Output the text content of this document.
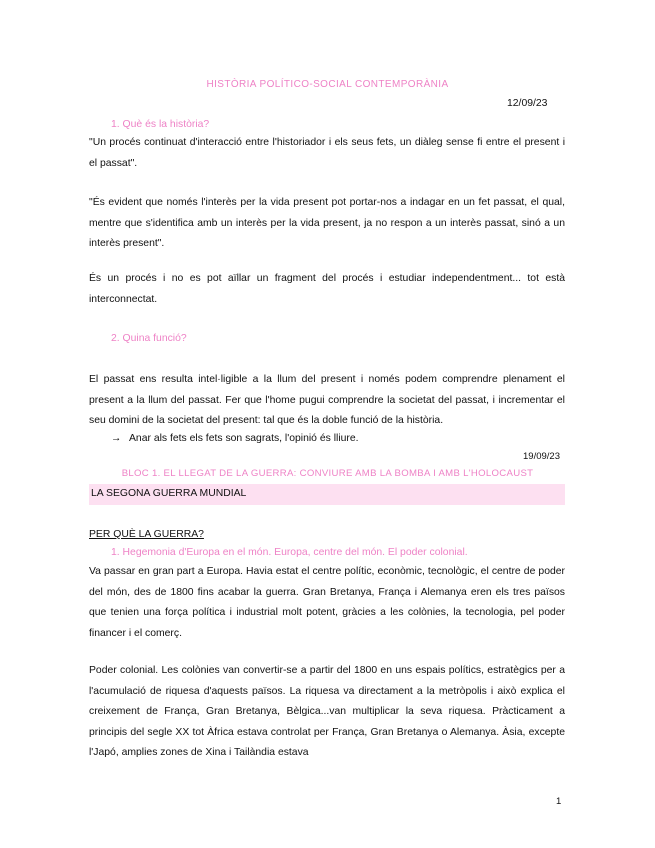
HISTÒRIA POLÍTICO-SOCIAL CONTEMPORÀNIA
12/09/23
1. Què és la història?
"Un procés continuat d'interacció entre l'historiador i els seus fets, un diàleg sense fi entre el present i el passat".
"És evident que només l'interès per la vida present pot portar-nos a indagar en un fet passat, el qual, mentre que s'identifica amb un interès per la vida present, ja no respon a un interès passat, sinó a un interès present".
És un procés i no es pot aïllar un fragment del procés i estudiar independentment... tot està interconnectat.
2. Quina funció?
El passat ens resulta intel·ligible a la llum del present i només podem comprendre plenament el present a la llum del passat. Fer que l'home pugui comprendre la societat del passat, i incrementar el seu domini de la societat del present: tal que és la doble funció de la història.
→ Anar als fets els fets son sagrats, l'opinió és lliure.
19/09/23
BLOC 1. EL LLEGAT DE LA GUERRA: CONVIURE AMB LA BOMBA I AMB L'HOLOCAUST
LA SEGONA GUERRA MUNDIAL
PER QUÈ LA GUERRA?
1. Hegemonia d'Europa en el món. Europa, centre del món. El poder colonial.
Va passar en gran part a Europa. Havia estat el centre polític, econòmic, tecnològic, el centre de poder del món, des de 1800 fins acabar la guerra. Gran Bretanya, França i Alemanya eren els tres països que tenien una força política i industrial molt potent, gràcies a les colònies, la tecnologia, pel poder financer i el comerç.
Poder colonial. Les colònies van convertir-se a partir del 1800 en uns espais polítics, estratègics per a l'acumulació de riquesa d'aquests països. La riquesa va directament a la metròpolis i això explica el creixement de França, Gran Bretanya, Bèlgica...van multiplicar la seva riquesa. Pràcticament a principis del segle XX tot Àfrica estava controlat per França, Gran Bretanya o Alemanya. Àsia, excepte l'Japó, amplies zones de Xina i Tailàndia estava
1
